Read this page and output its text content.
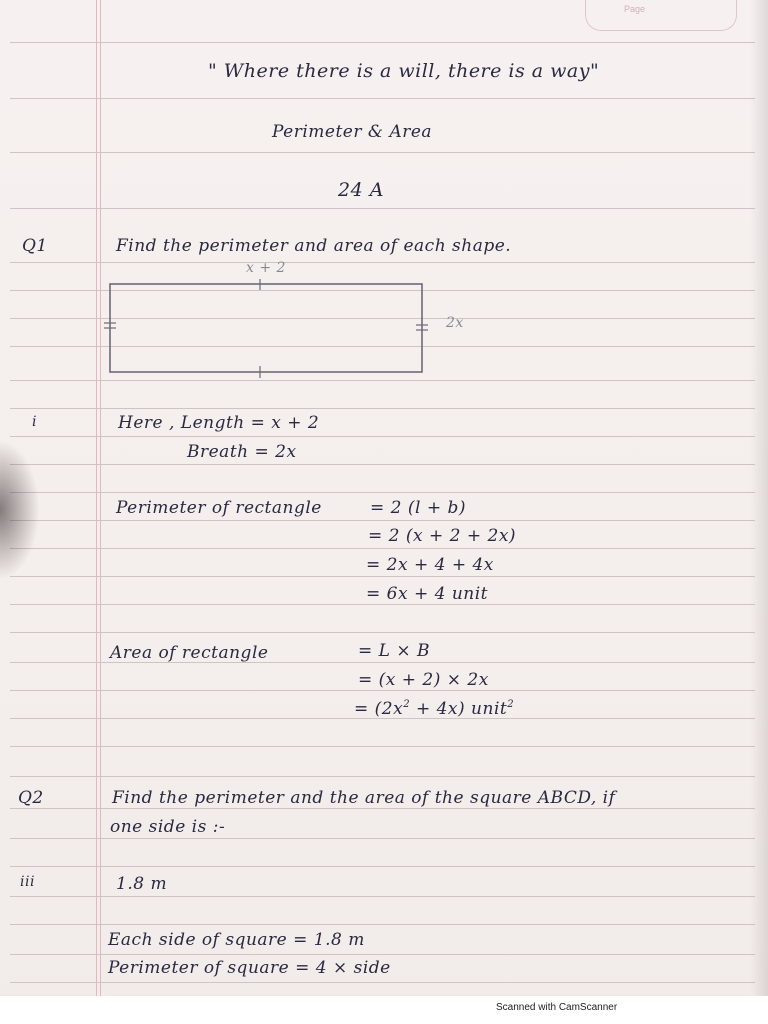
Page
" Where there is a will, there is a way"
Perimeter & Area
24 A
Q1	Find the perimeter and area of each shape.
x + 2
2x
i	Here , Length = x + 2
Breath = 2x
Perimeter of rectangle	= 2 (l + b)
= 2 (x + 2 + 2x)
= 2x + 4 + 4x
= 6x + 4 unit
Area of rectangle	= L × B
= (x + 2) × 2x
= $(2x^2 + 4x)$ unit$^2$
Q2	Find the perimeter and the area of the square ABCD, if
one side is :-
iii	1.8 m
Each side of square = 1.8 m
Perimeter of square = 4 × side
Scanned with CamScanner
